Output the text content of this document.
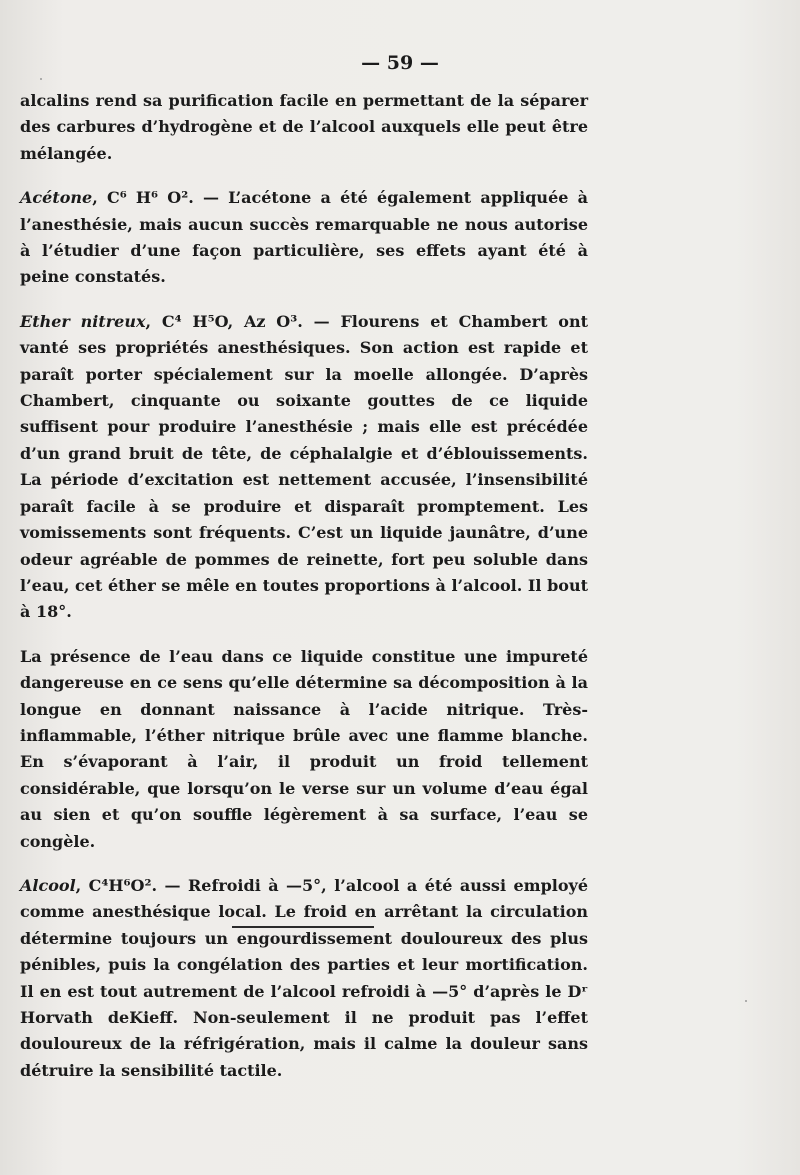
— 59 —

alcalins rend sa purification facile en permettant de la séparer des carbures d’hydrogène et de l’alcool auxquels elle peut être mélangée.

Acétone, C⁶ H⁶ O². — L’acétone a été également appliquée à l’anesthésie, mais aucun succès remarquable ne nous autorise à l’étudier d’une façon particulière, ses effets ayant été à peine constatés.

Ether nitreux, C⁴ H⁵O, Az O³. — Flourens et Chambert ont vanté ses propriétés anesthésiques. Son action est rapide et paraît porter spécialement sur la moelle allongée. D’après Chambert, cinquante ou soixante gouttes de ce liquide suffisent pour produire l’anesthésie ; mais elle est précédée d’un grand bruit de tête, de céphalalgie et d’éblouissements. La période d’excitation est nettement accusée, l’insensibilité paraît facile à se produire et disparaît promptement. Les vomissements sont fréquents. C’est un liquide jaunâtre, d’une odeur agréable de pommes de reinette, fort peu soluble dans l’eau, cet éther se mêle en toutes proportions à l’alcool. Il bout à 18°.

La présence de l’eau dans ce liquide constitue une impureté dangereuse en ce sens qu’elle détermine sa décomposition à la longue en donnant naissance à l’acide nitrique. Très-inflammable, l’éther nitrique brûle avec une flamme blanche. En s’évaporant à l’air, il produit un froid tellement considérable, que lorsqu’on le verse sur un volume d’eau égal au sien et qu’on souffle légèrement à sa surface, l’eau se congèle.

Alcool, C⁴H⁶O². — Refroidi à —5°, l’alcool a été aussi employé comme anesthésique local. Le froid en arrêtant la circulation détermine toujours un engourdissement douloureux des plus pénibles, puis la congélation des parties et leur mortification. Il en est tout autrement de l’alcool refroidi à —5° d’après le Dʳ Horvath deKieff. Non-seulement il ne produit pas l’effet douloureux de la réfrigération, mais il calme la douleur sans détruire la sensibilité tactile.
